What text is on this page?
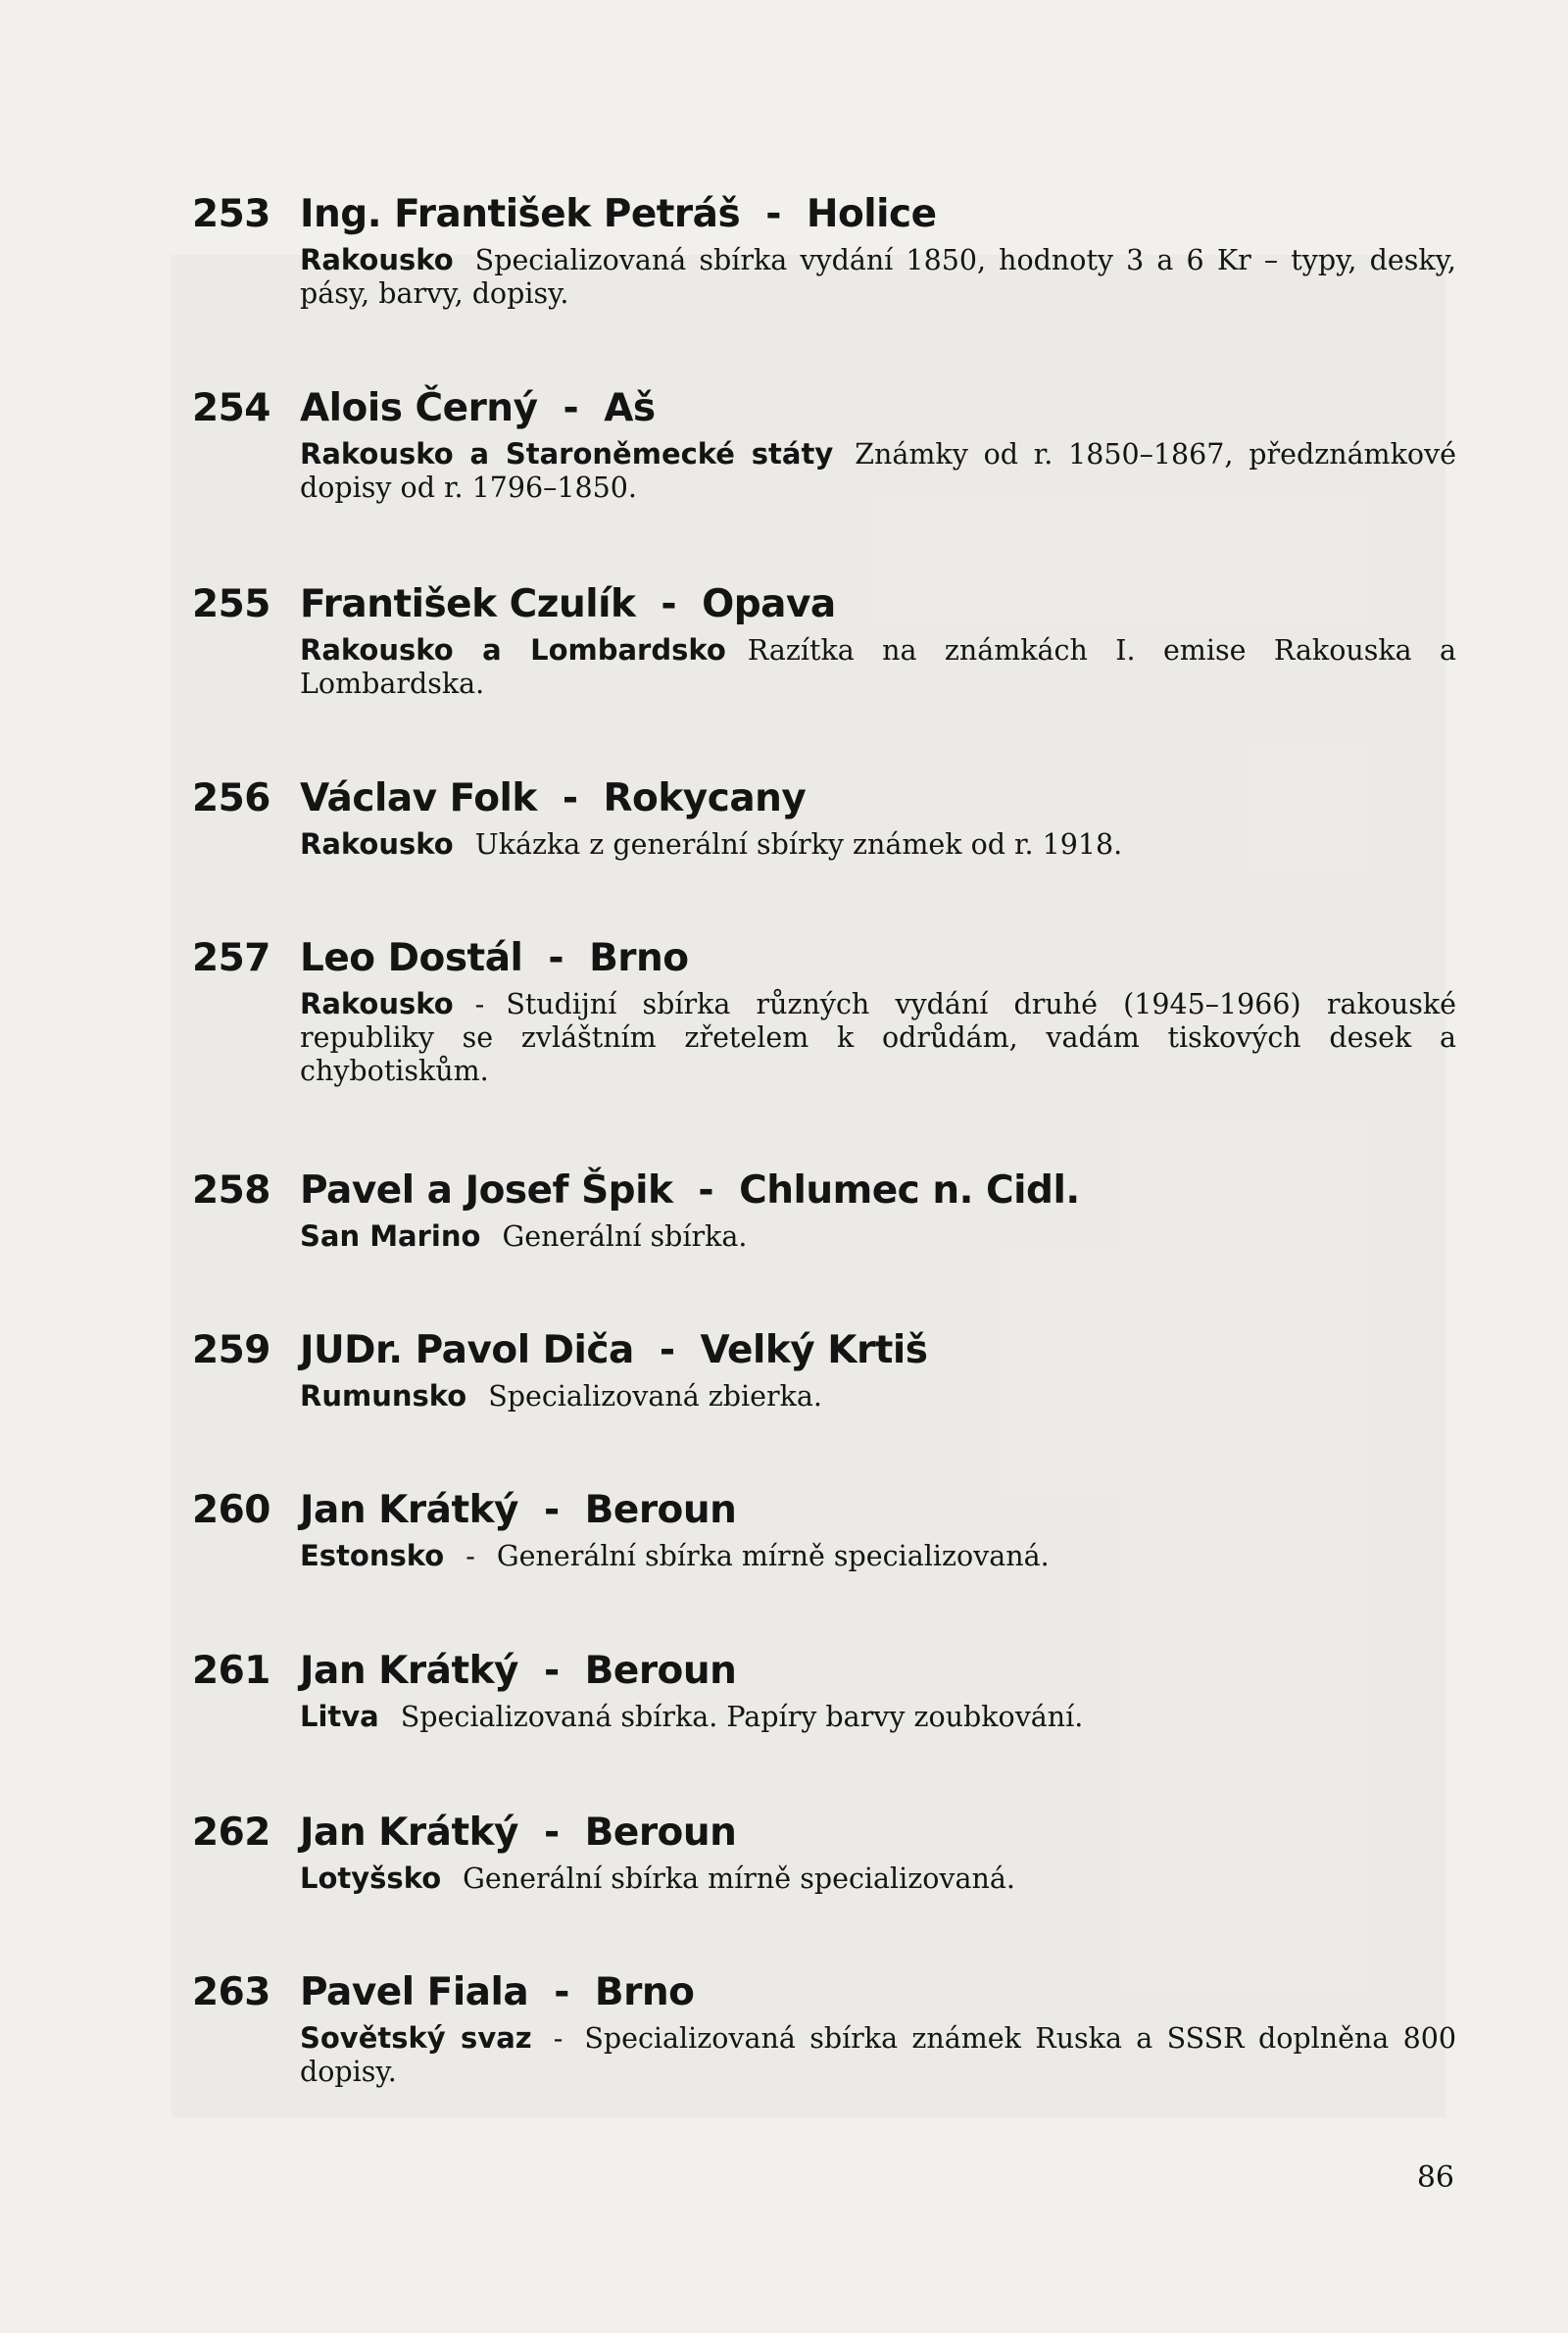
253 Ing. František Petráš - Holice
Rakousko Specializovaná sbírka vydání 1850, hodnoty 3 a 6 Kr – typy, desky, pásy, barvy, dopisy.
254 Alois Černý - Aš
Rakousko a Staroněmecké státy Známky od r. 1850–1867, předznámkové dopisy od r. 1796–1850.
255 František Czulík - Opava
Rakousko a Lombardsko Razítka na známkách I. emise Rakouska a Lombardska.
256 Václav Folk - Rokycany
Rakousko Ukázka z generální sbírky známek od r. 1918.
257 Leo Dostál - Brno
Rakousko - Studijní sbírka různých vydání druhé (1945–1966) rakouské republiky se zvláštním zřetelem k odrůdám, vadám tiskových desek a chybotiskům.
258 Pavel a Josef Špik - Chlumec n. Cidl.
San Marino Generální sbírka.
259 JUDr. Pavol Diča - Velký Krtiš
Rumunsko Specializovaná zbierka.
260 Jan Krátký - Beroun
Estonsko - Generální sbírka mírně specializovaná.
261 Jan Krátký - Beroun
Litva Specializovaná sbírka. Papíry barvy zoubkování.
262 Jan Krátký - Beroun
Lotyšsko Generální sbírka mírně specializovaná.
263 Pavel Fiala - Brno
Sovětský svaz - Specializovaná sbírka známek Ruska a SSSR doplněna 800 dopisy.
86
